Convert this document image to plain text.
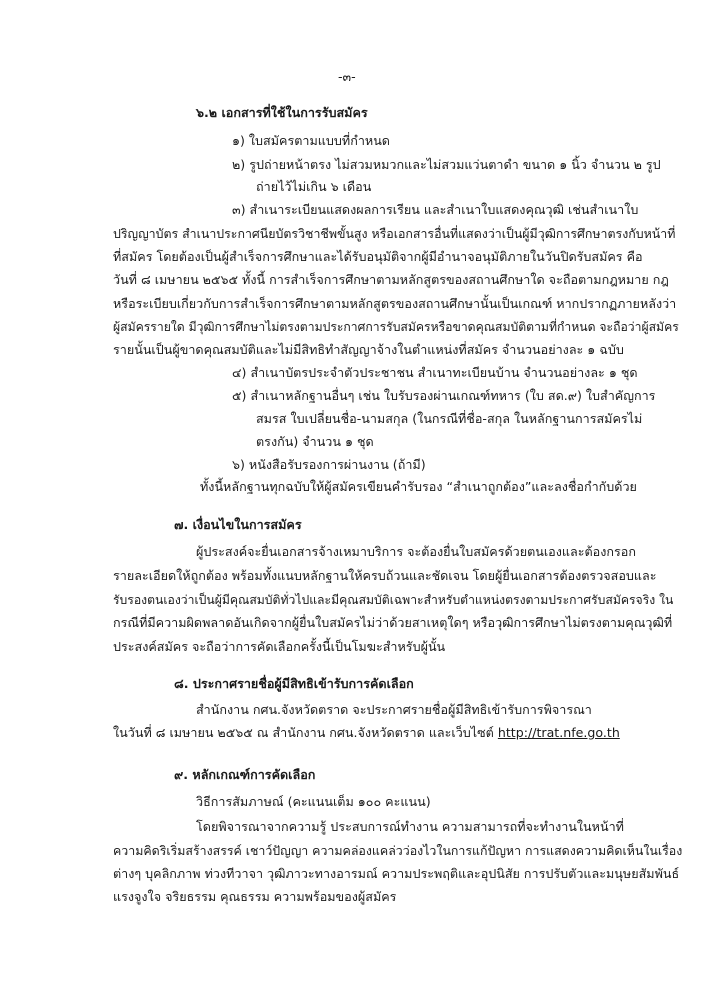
-๓-
๖.๒ เอกสารที่ใช้ในการรับสมัคร
๑) ใบสมัครตามแบบที่กำหนด
๒) รูปถ่ายหน้าตรง ไม่สวมหมวกและไม่สวมแว่นตาดำ ขนาด ๑ นิ้ว จำนวน ๒ รูป
ถ่ายไว้ไม่เกิน ๖ เดือน
๓) สำเนาระเบียนแสดงผลการเรียน และสำเนาใบแสดงคุณวุฒิ เช่นสำเนาใบ
ปริญญาบัตร สำเนาประกาศนียบัตรวิชาชีพขั้นสูง หรือเอกสารอื่นที่แสดงว่าเป็นผู้มีวุฒิการศึกษาตรงกับหน้าที่
ที่สมัคร โดยต้องเป็นผู้สำเร็จการศึกษาและได้รับอนุมัติจากผู้มีอำนาจอนุมัติภายในวันปิดรับสมัคร คือ
วันที่ ๘ เมษายน ๒๕๖๕ ทั้งนี้ การสำเร็จการศึกษาตามหลักสูตรของสถานศึกษาใด จะถือตามกฎหมาย กฎ
หรือระเบียบเกี่ยวกับการสำเร็จการศึกษาตามหลักสูตรของสถานศึกษานั้นเป็นเกณฑ์ หากปรากฏภายหลังว่า
ผู้สมัครรายใด มีวุฒิการศึกษาไม่ตรงตามประกาศการรับสมัครหรือขาดคุณสมบัติตามที่กำหนด จะถือว่าผู้สมัคร
รายนั้นเป็นผู้ขาดคุณสมบัติและไม่มีสิทธิทำสัญญาจ้างในตำแหน่งที่สมัคร จำนวนอย่างละ ๑ ฉบับ
๔) สำเนาบัตรประจำตัวประชาชน สำเนาทะเบียนบ้าน จำนวนอย่างละ ๑ ชุด
๕) สำเนาหลักฐานอื่นๆ เช่น ใบรับรองผ่านเกณฑ์ทหาร (ใบ สด.๙) ใบสำคัญการ
สมรส ใบเปลี่ยนชื่อ-นามสกุล (ในกรณีที่ชื่อ-สกุล ในหลักฐานการสมัครไม่
ตรงกัน) จำนวน ๑ ชุด
๖) หนังสือรับรองการผ่านงาน (ถ้ามี)
ทั้งนี้หลักฐานทุกฉบับให้ผู้สมัครเขียนคำรับรอง “สำเนาถูกต้อง”และลงชื่อกำกับด้วย
๗. เงื่อนไขในการสมัคร
ผู้ประสงค์จะยื่นเอกสารจ้างเหมาบริการ จะต้องยื่นใบสมัครด้วยตนเองและต้องกรอก
รายละเอียดให้ถูกต้อง พร้อมทั้งแนบหลักฐานให้ครบถ้วนและชัดเจน โดยผู้ยื่นเอกสารต้องตรวจสอบและ
รับรองตนเองว่าเป็นผู้มีคุณสมบัติทั่วไปและมีคุณสมบัติเฉพาะสำหรับตำแหน่งตรงตามประกาศรับสมัครจริง ใน
กรณีที่มีความผิดพลาดอันเกิดจากผู้ยื่นใบสมัครไม่ว่าด้วยสาเหตุใดๆ หรือวุฒิการศึกษาไม่ตรงตามคุณวุฒิที่
ประสงค์สมัคร จะถือว่าการคัดเลือกครั้งนี้เป็นโมฆะสำหรับผู้นั้น
๘. ประกาศรายชื่อผู้มีสิทธิเข้ารับการคัดเลือก
สำนักงาน กศน.จังหวัดตราด จะประกาศรายชื่อผู้มีสิทธิเข้ารับการพิจารณา
ในวันที่ ๘ เมษายน ๒๕๖๕ ณ สำนักงาน กศน.จังหวัดตราด และเว็บไซต์ http://trat.nfe.go.th
๙. หลักเกณฑ์การคัดเลือก
วิธีการสัมภาษณ์ (คะแนนเต็ม ๑๐๐ คะแนน)
โดยพิจารณาจากความรู้ ประสบการณ์ทำงาน ความสามารถที่จะทำงานในหน้าที่
ความคิดริเริ่มสร้างสรรค์ เชาว์ปัญญา ความคล่องแคล่วว่องไวในการแก้ปัญหา การแสดงความคิดเห็นในเรื่อง
ต่างๆ บุคลิกภาพ ท่วงทีวาจา วุฒิภาวะทางอารมณ์ ความประพฤติและอุปนิสัย การปรับตัวและมนุษยสัมพันธ์
แรงจูงใจ จริยธรรม คุณธรรม ความพร้อมของผู้สมัคร
